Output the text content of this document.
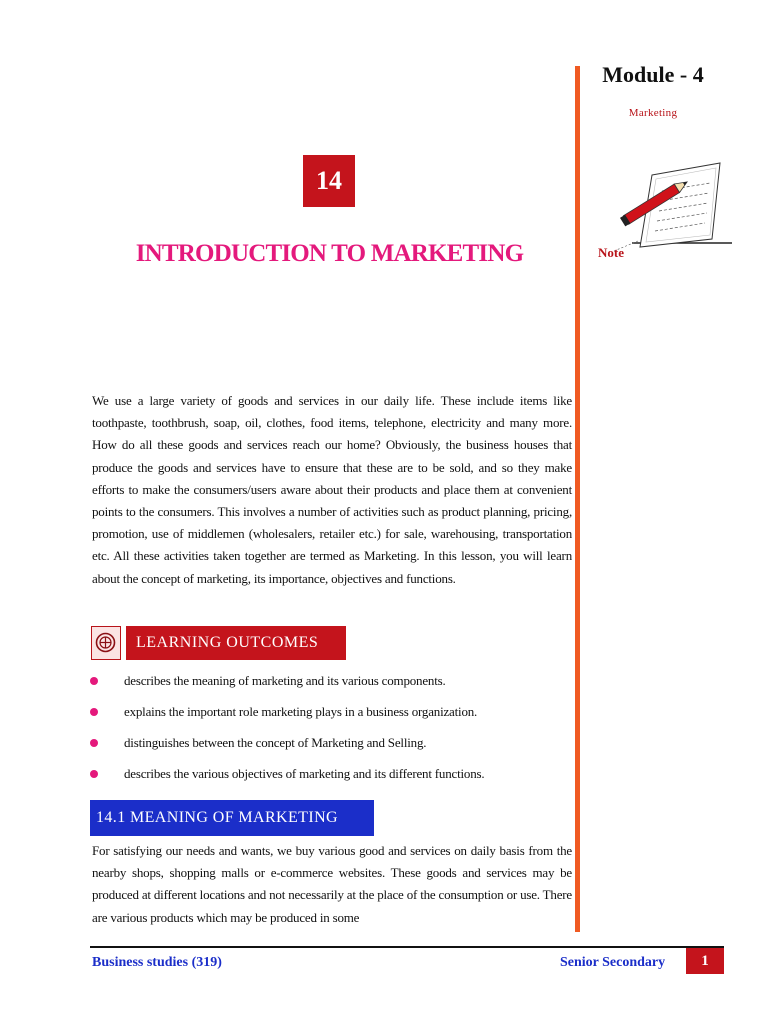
Module - 4
Marketing
Note
14
INTRODUCTION TO MARKETING

We use a large variety of goods and services in our daily life. These include items like toothpaste, toothbrush, soap, oil, clothes, food items, telephone, electricity and many more. How do all these goods and services reach our home? Obviously, the business houses that produce the goods and services have to ensure that these are to be sold, and so they make efforts to make the consumers/users aware about their products and place them at convenient points to the consumers. This involves a number of activities such as product planning, pricing, promotion, use of middlemen (wholesalers, retailer etc.) for sale, warehousing, transportation etc. All these activities taken together are termed as Marketing. In this lesson, you will learn about the concept of marketing, its importance, objectives and functions.

LEARNING OUTCOMES
describes the meaning of marketing and its various components.
explains the important role marketing plays in a business organization.
distinguishes between the concept of Marketing and Selling.
describes the various objectives of marketing and its different functions.
14.1 MEANING OF MARKETING

For satisfying our needs and wants, we buy various good and services on daily basis from the nearby shops, shopping malls or e-commerce websites. These goods and services may be produced at different locations and not necessarily at the place of the consumption or use. There are various products which may be produced in some

Business studies (319)	Senior Secondary	1
